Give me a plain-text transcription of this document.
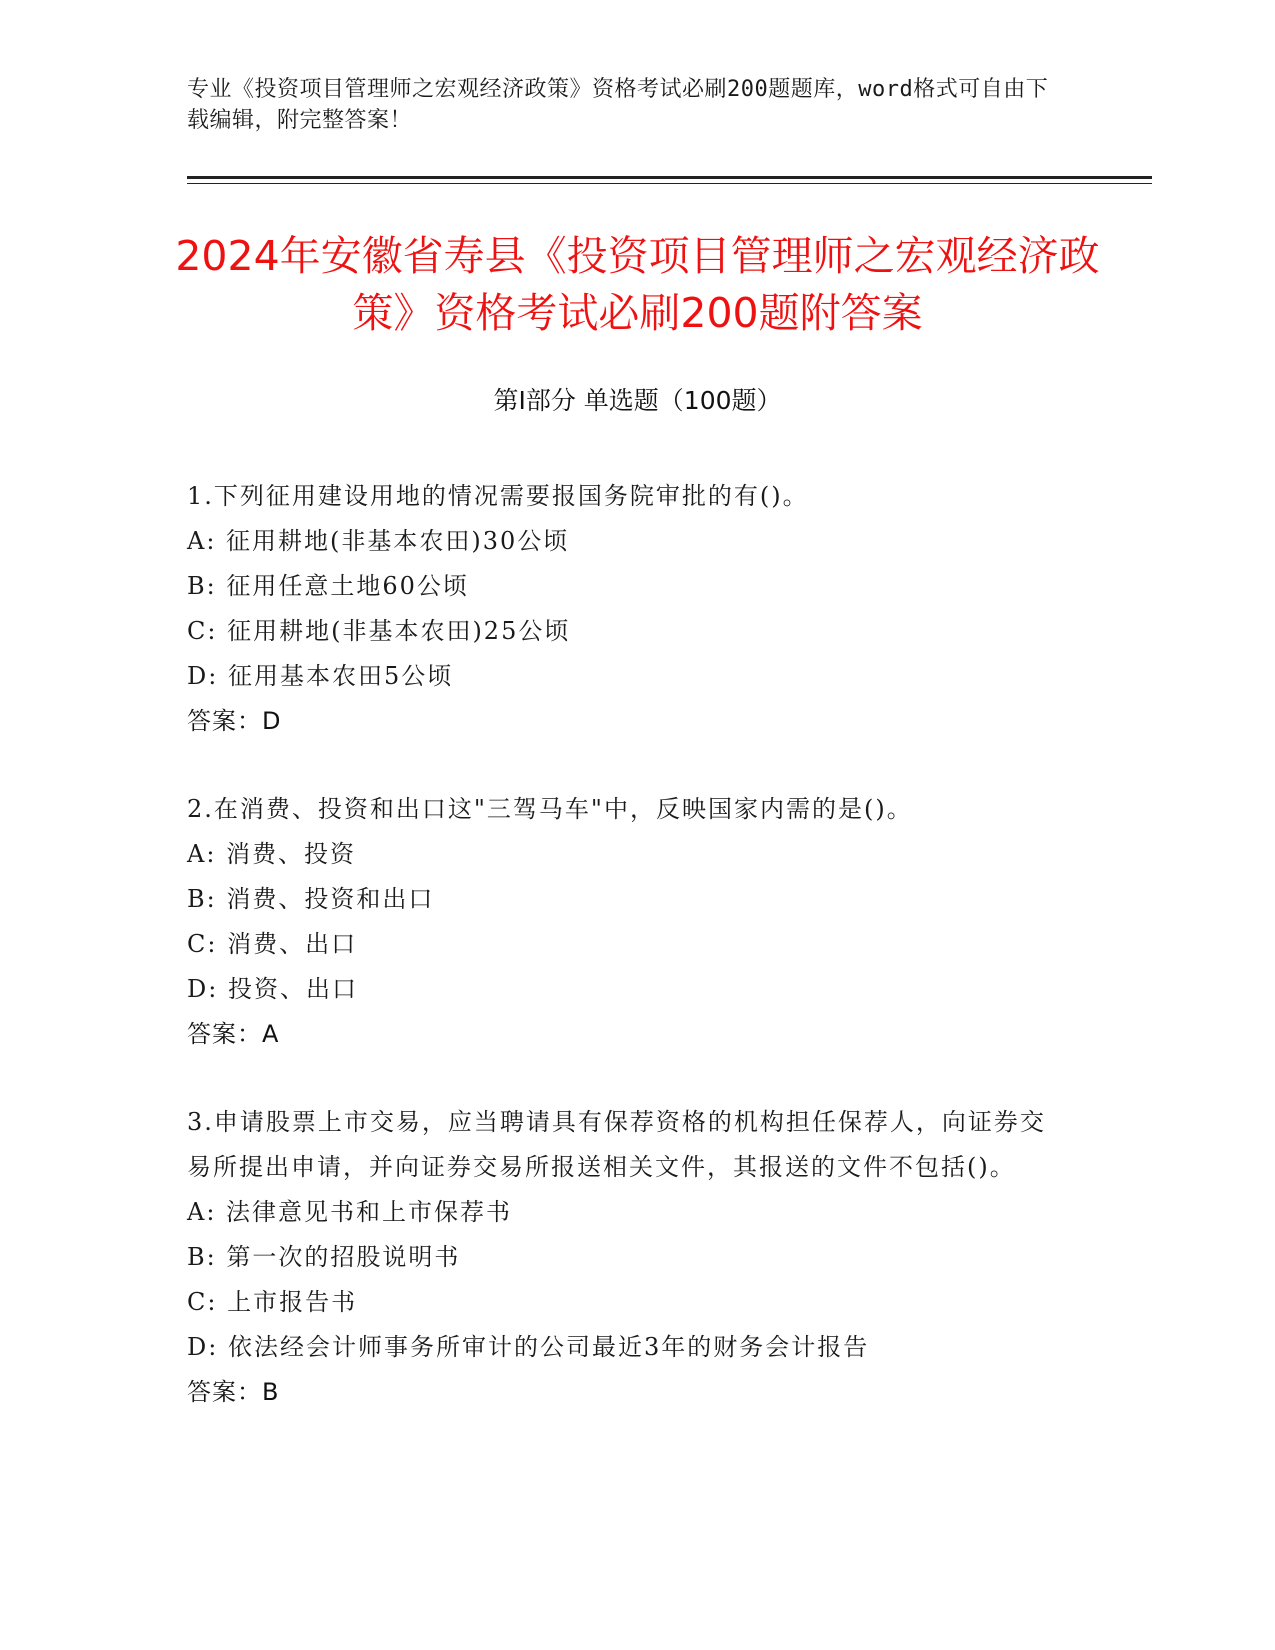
专业《投资项目管理师之宏观经济政策》资格考试必刷200题题库，word格式可自由下载编辑，附完整答案！
2024年安徽省寿县《投资项目管理师之宏观经济政策》资格考试必刷200题附答案
第Ⅰ部分 单选题（100题）
1.下列征用建设用地的情况需要报国务院审批的有()。
A: 征用耕地(非基本农田)30公顷
B: 征用任意土地60公顷
C: 征用耕地(非基本农田)25公顷
D: 征用基本农田5公顷
答案：D
2.在消费、投资和出口这"三驾马车"中，反映国家内需的是()。
A: 消费、投资
B: 消费、投资和出口
C: 消费、出口
D: 投资、出口
答案：A
3.申请股票上市交易，应当聘请具有保荐资格的机构担任保荐人，向证券交易所提出申请，并向证券交易所报送相关文件，其报送的文件不包括()。
A: 法律意见书和上市保荐书
B: 第一次的招股说明书
C: 上市报告书
D: 依法经会计师事务所审计的公司最近3年的财务会计报告
答案：B
